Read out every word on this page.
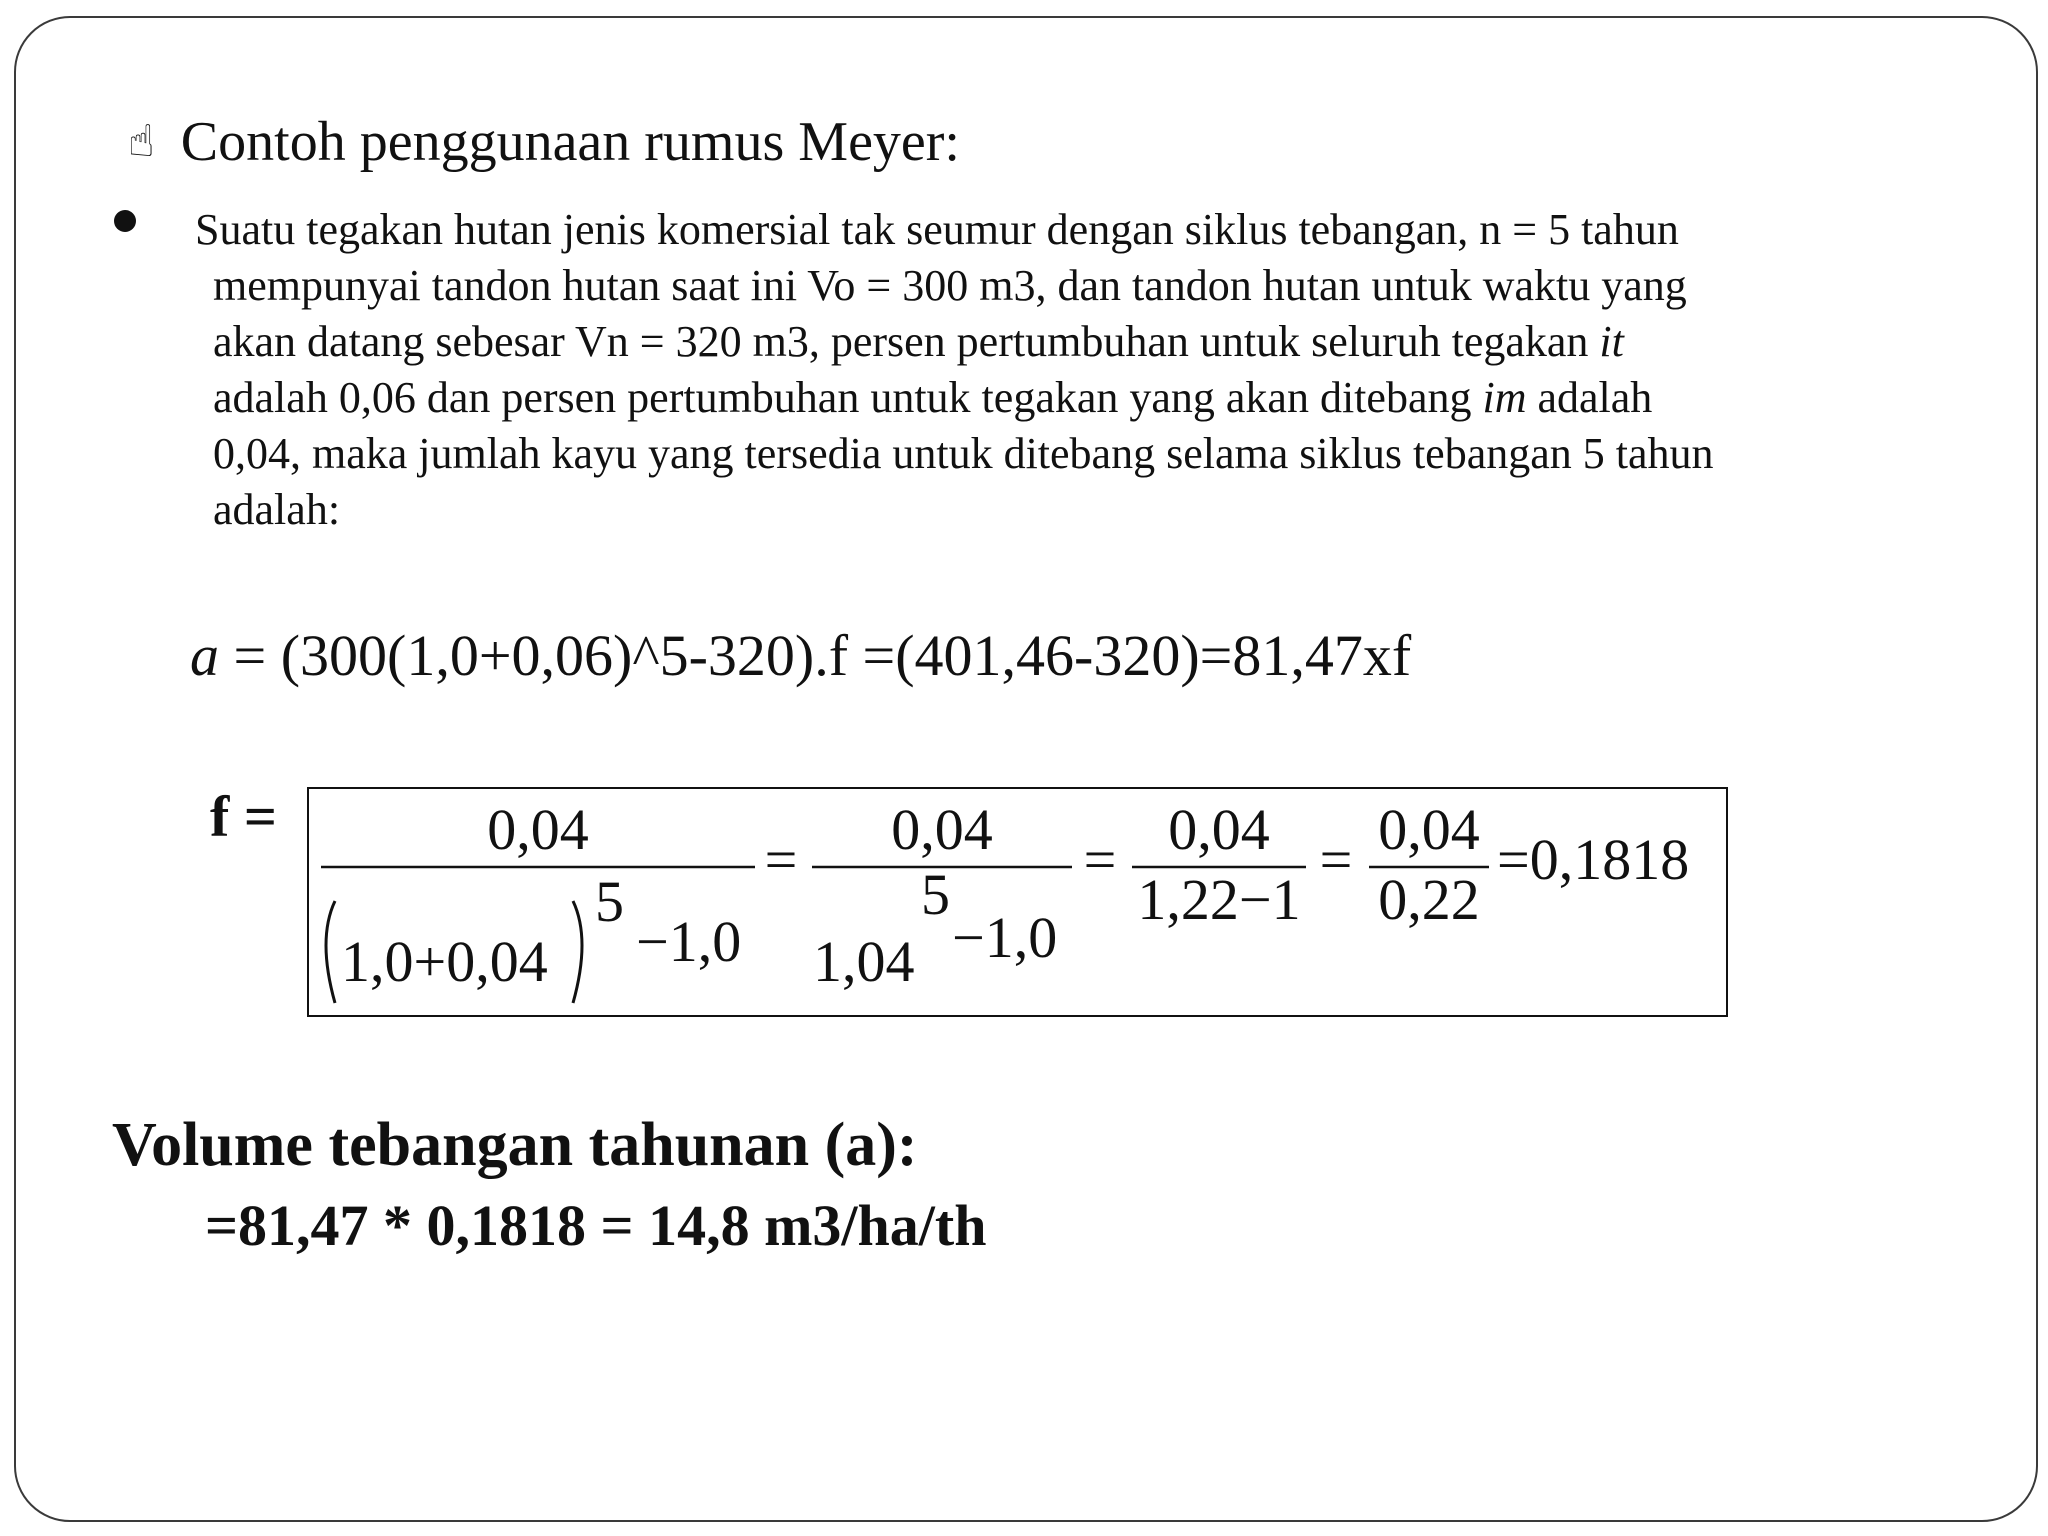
☝ Contoh penggunaan rumus Meyer:
Suatu tegakan hutan jenis komersial tak seumur dengan siklus tebangan, n = 5 tahun
mempunyai tandon hutan saat ini Vo = 300 m3, dan tandon hutan untuk waktu yang
akan datang sebesar Vn = 320 m3, persen pertumbuhan untuk seluruh tegakan it
adalah 0,06 dan persen pertumbuhan untuk tegakan yang akan ditebang im adalah
0,04, maka jumlah kayu yang tersedia untuk ditebang selama siklus tebangan 5 tahun
adalah:
a = (300(1,0+0,06)^5-320).f =(401,46-320)=81,47xf
f =	0,04
1,0+0,04
5
−1,0
= 0,04
5
1,04 −1,0
= 0,04
1,22−1
= 0,04
0,22
=0,1818
Volume tebangan tahunan (a):
=81,47 * 0,1818 = 14,8 m3/ha/th
